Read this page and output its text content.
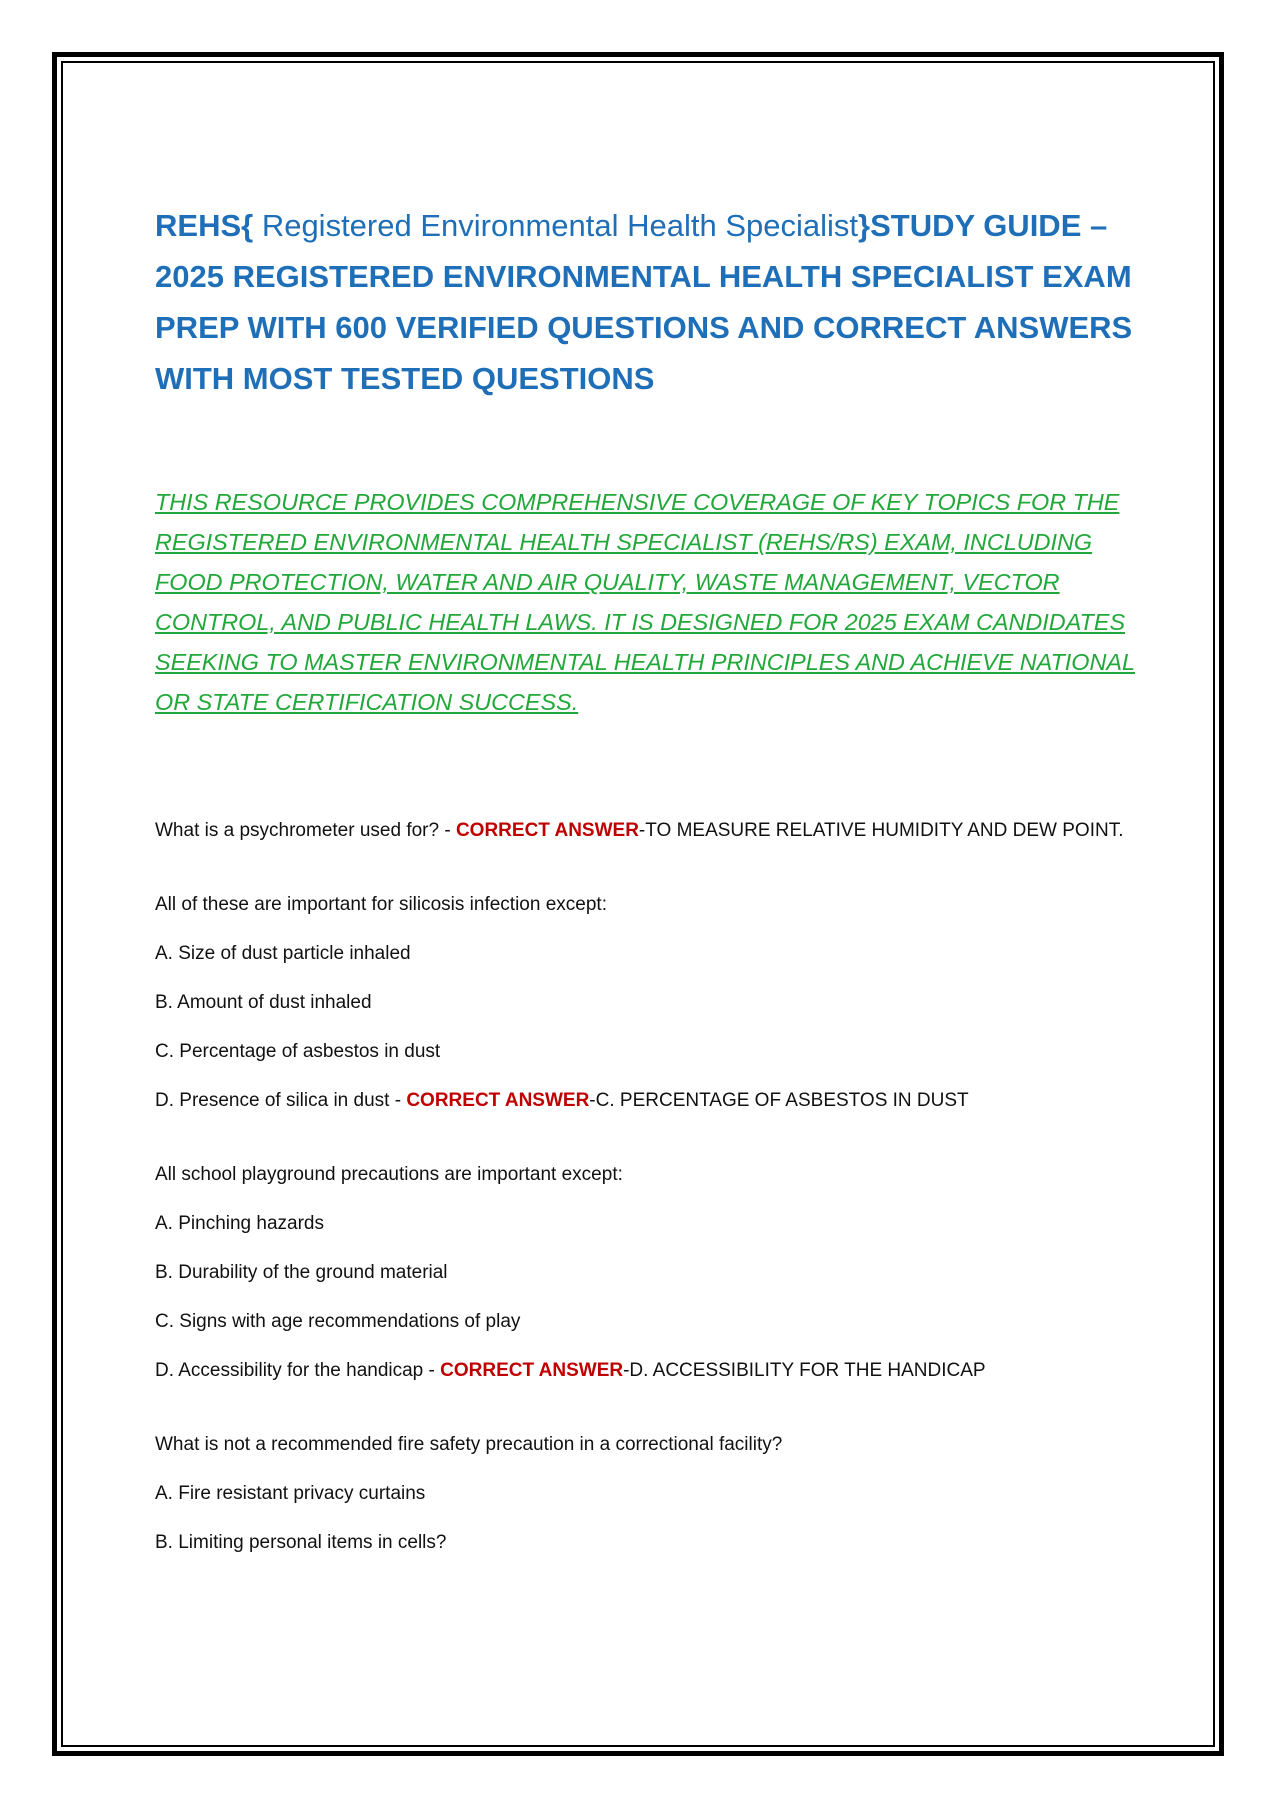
REHS{ Registered Environmental Health Specialist}STUDY GUIDE – 2025 REGISTERED ENVIRONMENTAL HEALTH SPECIALIST EXAM PREP WITH 600 VERIFIED QUESTIONS AND CORRECT ANSWERS WITH MOST TESTED QUESTIONS

THIS RESOURCE PROVIDES COMPREHENSIVE COVERAGE OF KEY TOPICS FOR THE REGISTERED ENVIRONMENTAL HEALTH SPECIALIST (REHS/RS) EXAM, INCLUDING FOOD PROTECTION, WATER AND AIR QUALITY, WASTE MANAGEMENT, VECTOR CONTROL, AND PUBLIC HEALTH LAWS. IT IS DESIGNED FOR 2025 EXAM CANDIDATES SEEKING TO MASTER ENVIRONMENTAL HEALTH PRINCIPLES AND ACHIEVE NATIONAL OR STATE CERTIFICATION SUCCESS.

What is a psychrometer used for? - CORRECT ANSWER-TO MEASURE RELATIVE HUMIDITY AND DEW POINT.

All of these are important for silicosis infection except:

A. Size of dust particle inhaled

B. Amount of dust inhaled

C. Percentage of asbestos in dust

D. Presence of silica in dust - CORRECT ANSWER-C. PERCENTAGE OF ASBESTOS IN DUST

All school playground precautions are important except:

A. Pinching hazards

B. Durability of the ground material

C. Signs with age recommendations of play

D. Accessibility for the handicap - CORRECT ANSWER-D. ACCESSIBILITY FOR THE HANDICAP

What is not a recommended fire safety precaution in a correctional facility?

A. Fire resistant privacy curtains

B. Limiting personal items in cells?
